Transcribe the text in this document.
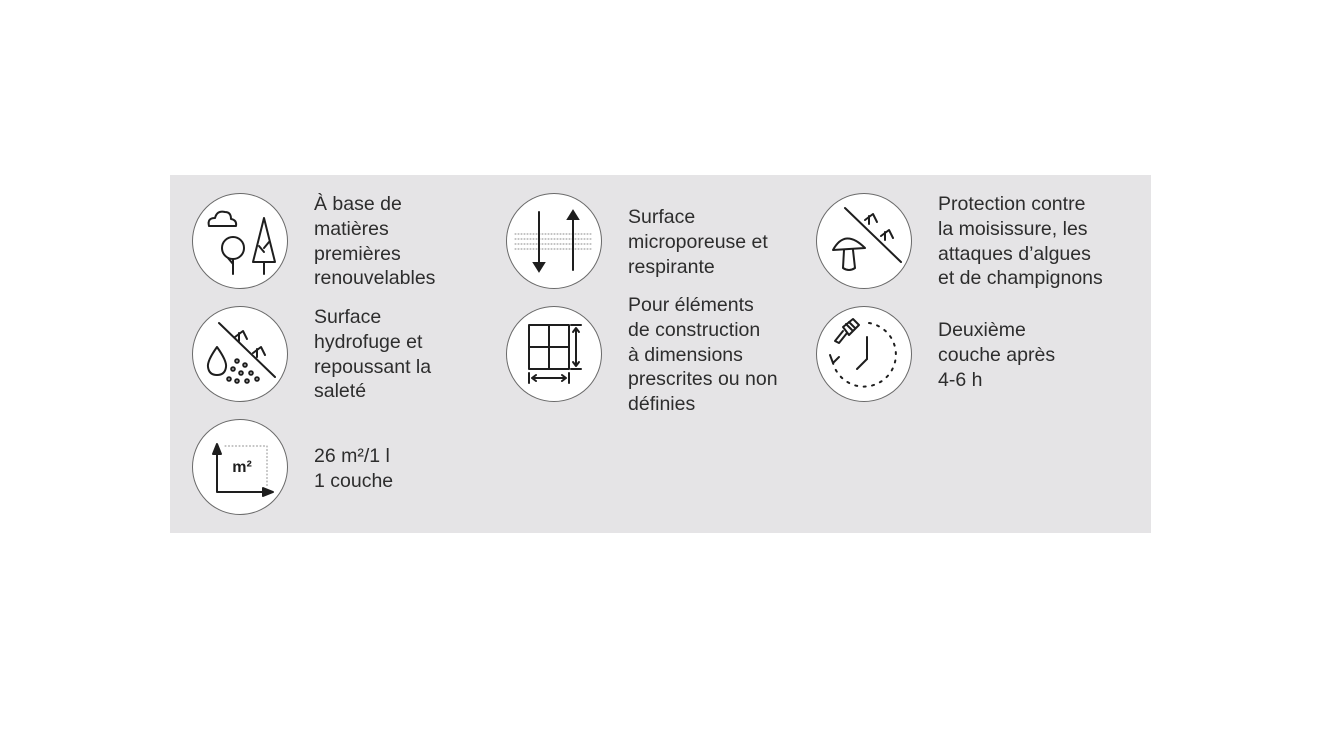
À base de
matières
premières
renouvelables
Surface
microporeuse et
respirante
Protection contre
la moisissure, les
attaques d’algues
et de champignons
Surface
hydrofuge et
repoussant la
saleté
Pour éléments
de construction
à dimensions
prescrites ou non
définies
Deuxième
couche après
4-6 h
m²
26 m²/1 l
1 couche
